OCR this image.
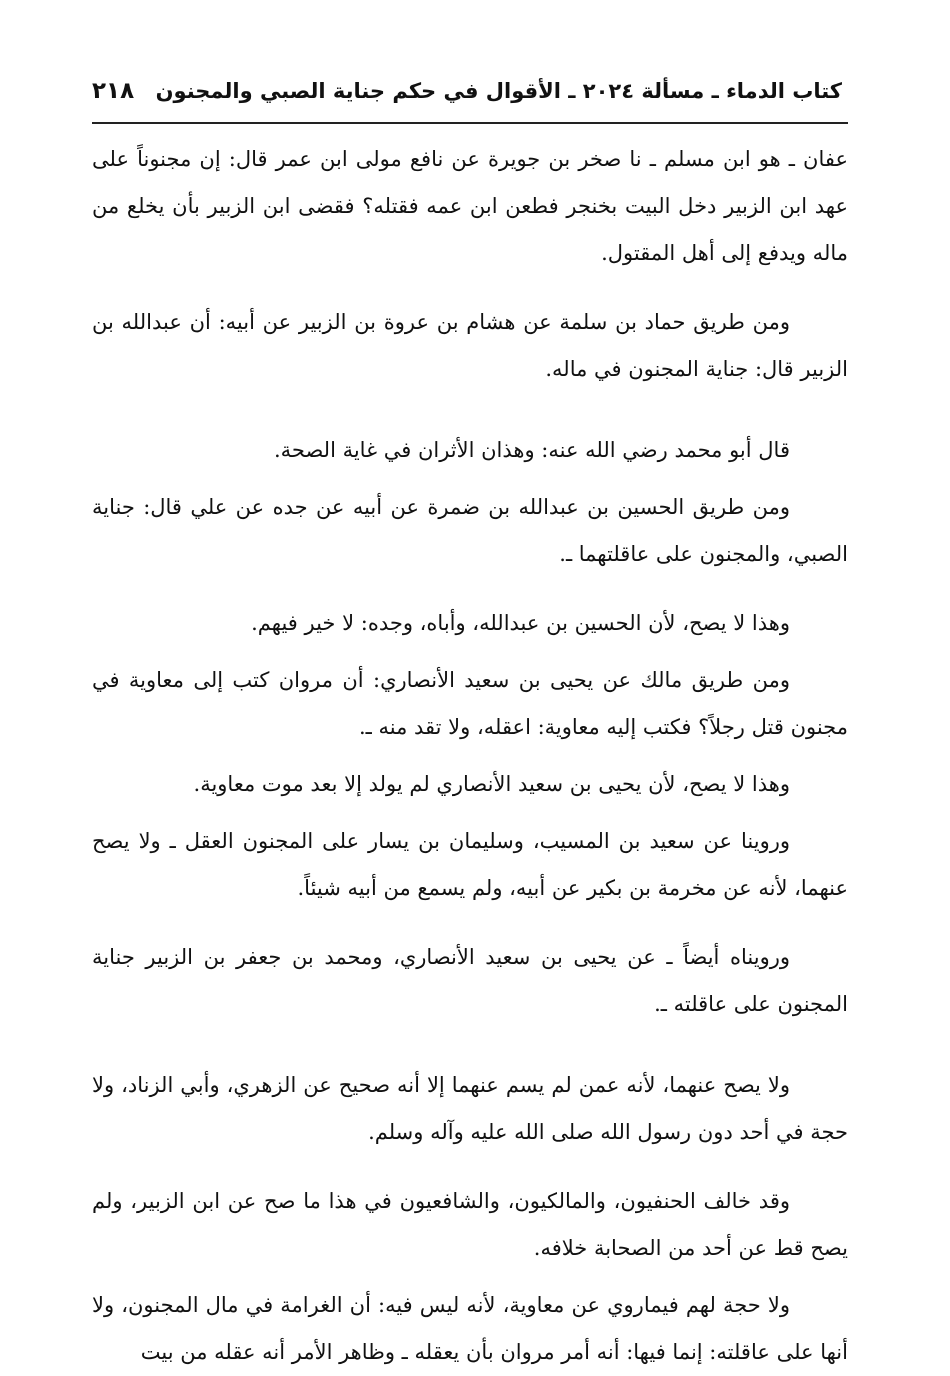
كتاب الدماء ـ مسألة ٢٠٢٤ ـ الأقوال في حكم جناية الصبي والمجنون
٢١٨

عفان ـ هو ابن مسلم ـ نا صخر بن جويرة عن نافع مولى ابن عمر قال: إن مجنوناً على عهد ابن الزبير دخل البيت بخنجر فطعن ابن عمه فقتله؟ فقضى ابن الزبير بأن يخلع من ماله ويدفع إلى أهل المقتول.

ومن طريق حماد بن سلمة عن هشام بن عروة بن الزبير عن أبيه: أن عبدالله بن الزبير قال: جناية المجنون في ماله.

قال أبو محمد رضي الله عنه: وهذان الأثران في غاية الصحة.

ومن طريق الحسين بن عبدالله بن ضمرة عن أبيه عن جده عن علي قال: جناية الصبي، والمجنون على عاقلتهما ـ.

وهذا لا يصح، لأن الحسين بن عبدالله، وأباه، وجده: لا خير فيهم.

ومن طريق مالك عن يحيى بن سعيد الأنصاري: أن مروان كتب إلى معاوية في مجنون قتل رجلاً؟ فكتب إليه معاوية: اعقله، ولا تقد منه ـ.

وهذا لا يصح، لأن يحيى بن سعيد الأنصاري لم يولد إلا بعد موت معاوية.

وروينا عن سعيد بن المسيب، وسليمان بن يسار على المجنون العقل ـ ولا يصح عنهما، لأنه عن مخرمة بن بكير عن أبيه، ولم يسمع من أبيه شيئاً.

ورويناه أيضاً ـ عن يحيى بن سعيد الأنصاري، ومحمد بن جعفر بن الزبير جناية المجنون على عاقلته ـ.

ولا يصح عنهما، لأنه عمن لم يسم عنهما إلا أنه صحيح عن الزهري، وأبي الزناد، ولا حجة في أحد دون رسول الله صلى الله عليه وآله وسلم.

وقد خالف الحنفيون، والمالكيون، والشافعيون في هذا ما صح عن ابن الزبير، ولم يصح قط عن أحد من الصحابة خلافه.

ولا حجة لهم فيماروي عن معاوية، لأنه ليس فيه: أن الغرامة في مال المجنون، ولا أنها على عاقلته: إنما فيها: أنه أمر مروان بأن يعقله ـ وظاهر الأمر أنه عقله من بيت
